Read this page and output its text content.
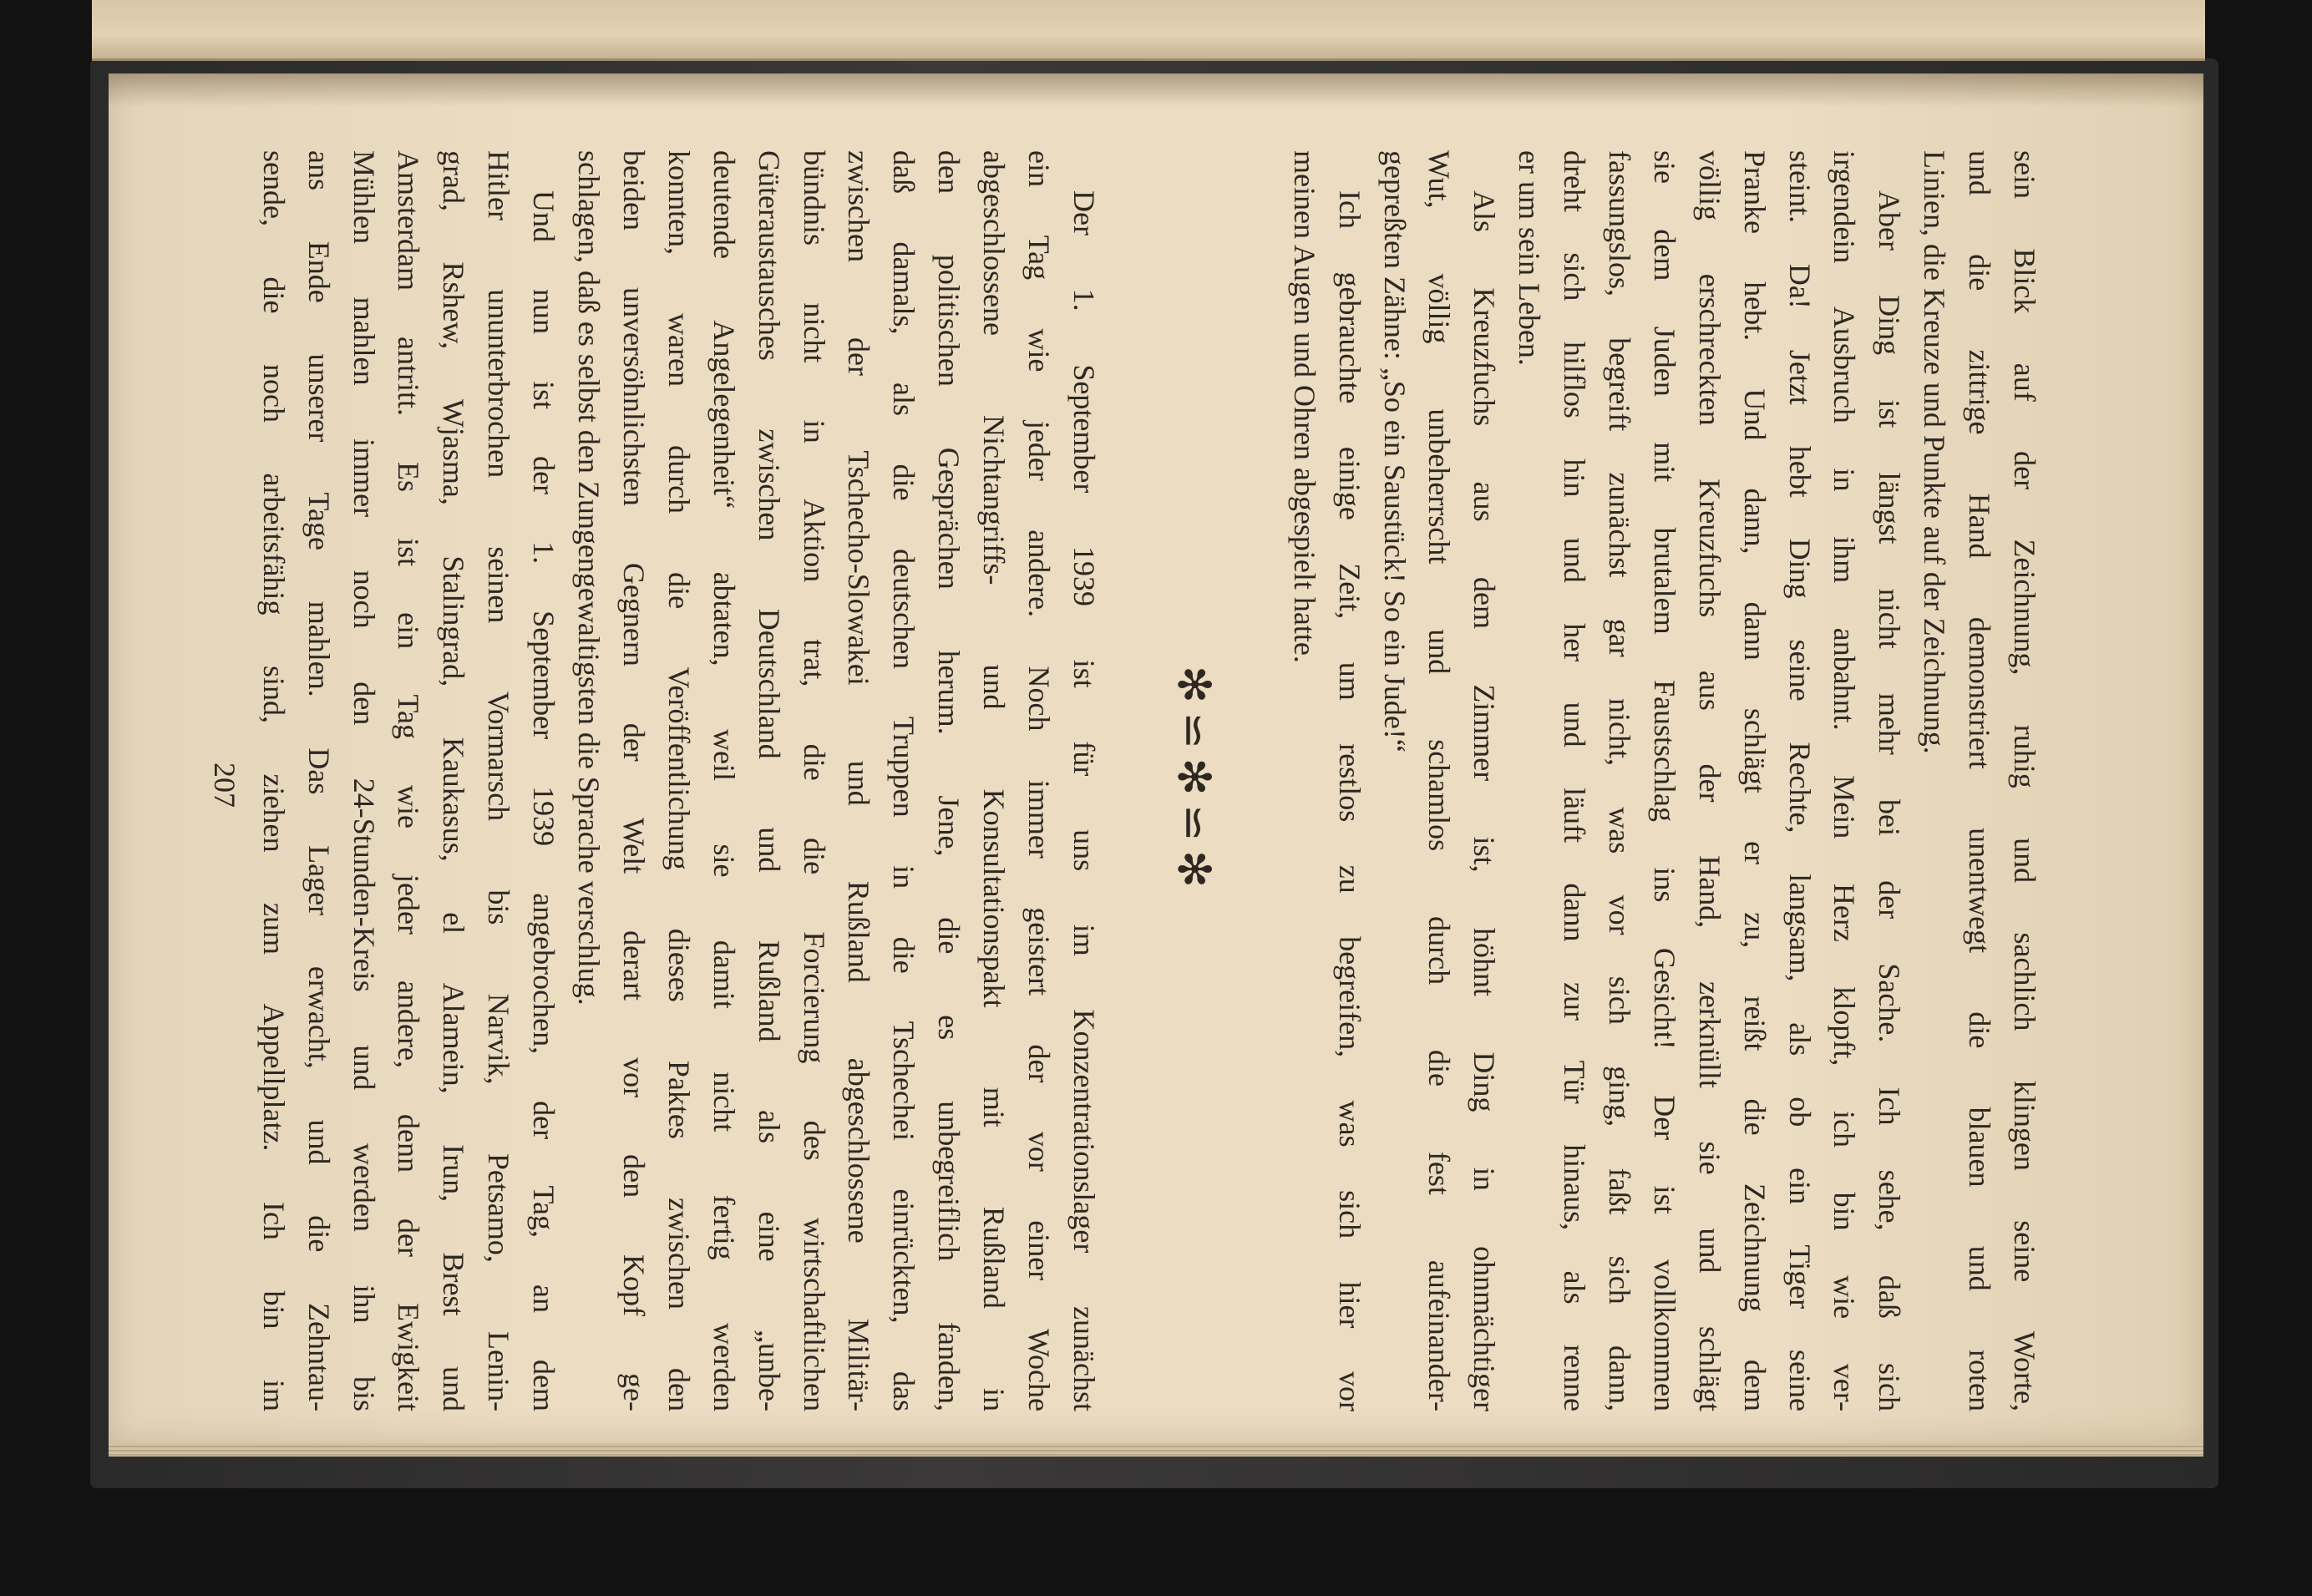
sein Blick auf der Zeichnung, ruhig und sachlich klingen seine Worte,
und die zittrige Hand demonstriert unentwegt die blauen und roten
Linien, die Kreuze und Punkte auf der Zeichnung.
Aber Ding ist längst nicht mehr bei der Sache. Ich sehe, daß sich
irgendein Ausbruch in ihm anbahnt. Mein Herz klopft, ich bin wie ver-
steint. Da! Jetzt hebt Ding seine Rechte, langsam, als ob ein Tiger seine
Pranke hebt. Und dann, dann schlägt er zu, reißt die Zeichnung dem
völlig erschreckten Kreuzfuchs aus der Hand, zerknüllt sie und schlägt
sie dem Juden mit brutalem Faustschlag ins Gesicht! Der ist vollkommen
fassungslos, begreift zunächst gar nicht, was vor sich ging, faßt sich dann,
dreht sich hilflos hin und her und läuft dann zur Tür hinaus, als renne
er um sein Leben.
Als Kreuzfuchs aus dem Zimmer ist, höhnt Ding in ohnmächtiger
Wut, völlig unbeherrscht und schamlos durch die fest aufeinander-
gepreßten Zähne: „So ein Saustück! So ein Jude!“
Ich gebrauchte einige Zeit, um restlos zu begreifen, was sich hier vor
meinen Augen und Ohren abgespielt hatte.
✻⋍✻⋍✻
Der 1. September 1939 ist für uns im Konzentrationslager zunächst
ein Tag wie jeder andere. Noch immer geistert der vor einer Woche
abgeschlossene Nichtangriffs- und Konsultationspakt mit Rußland in
den politischen Gesprächen herum. Jene, die es unbegreiflich fanden,
daß damals, als die deutschen Truppen in die Tschechei einrückten, das
zwischen der Tschecho-Slowakei und Rußland abgeschlossene Militär-
bündnis nicht in Aktion trat, die die Forcierung des wirtschaftlichen
Güteraustausches zwischen Deutschland und Rußland als eine „unbe-
deutende Angelegenheit“ abtaten, weil sie damit nicht fertig werden
konnten, waren durch die Veröffentlichung dieses Paktes zwischen den
beiden unversöhnlichsten Gegnern der Welt derart vor den Kopf ge-
schlagen, daß es selbst den Zungengewaltigsten die Sprache verschlug.
Und nun ist der 1. September 1939 angebrochen, der Tag, an dem
Hitler ununterbrochen seinen Vormarsch bis Narvik, Petsamo, Lenin-
grad, Rshew, Wjasma, Stalingrad, Kaukasus, el Alamein, Irun, Brest und
Amsterdam antritt. Es ist ein Tag wie jeder andere, denn der Ewigkeit
Mühlen mahlen immer noch den 24-Stunden-Kreis und werden ihn bis
ans Ende unserer Tage mahlen. Das Lager erwacht, und die Zehntau-
sende, die noch arbeitsfähig sind, ziehen zum Appellplatz. Ich bin im
207
